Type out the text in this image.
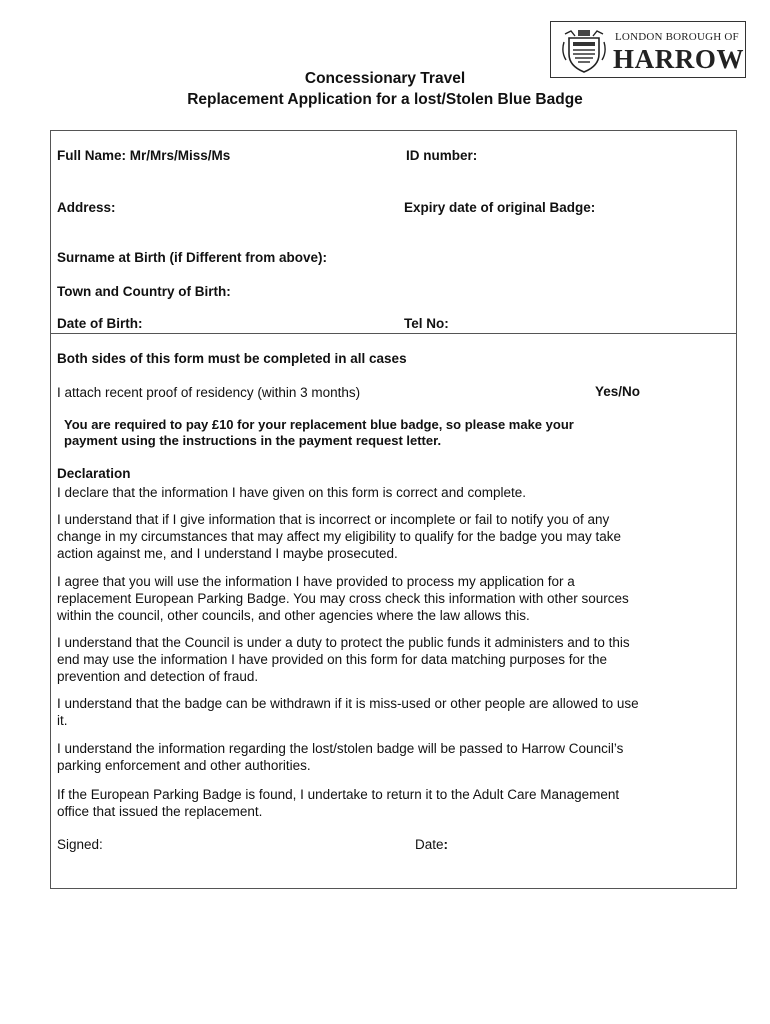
LONDON BOROUGH OF
HARROW
Concessionary Travel
Replacement Application for a lost/Stolen Blue Badge
Full Name: Mr/Mrs/Miss/Ms	ID number:
Address:	Expiry date of original Badge:
Surname at Birth (if Different from above):
Town and Country of Birth:
Date of Birth:	Tel No:
Both sides of this form must be completed in all cases
I attach recent proof of residency (within 3 months)	Yes/No
You are required to pay £10 for your replacement blue badge, so please make your
payment using the instructions in the payment request letter.
Declaration
I declare that the information I have given on this form is correct and complete.
I understand that if I give information that is incorrect or incomplete or fail to notify you of any
change in my circumstances that may affect my eligibility to qualify for the badge you may take
action against me, and I understand I maybe prosecuted.
I agree that you will use the information I have provided to process my application for a
replacement European Parking Badge. You may cross check this information with other sources
within the council, other councils, and other agencies where the law allows this.
I understand that the Council is under a duty to protect the public funds it administers and to this
end may use the information I have provided on this form for data matching purposes for the
prevention and detection of fraud.
I understand that the badge can be withdrawn if it is miss-used or other people are allowed to use
it.
I understand the information regarding the lost/stolen badge will be passed to Harrow Council’s
parking enforcement and other authorities.
If the European Parking Badge is found, I undertake to return it to the Adult Care Management
office that issued the replacement.
Signed:	Date:
